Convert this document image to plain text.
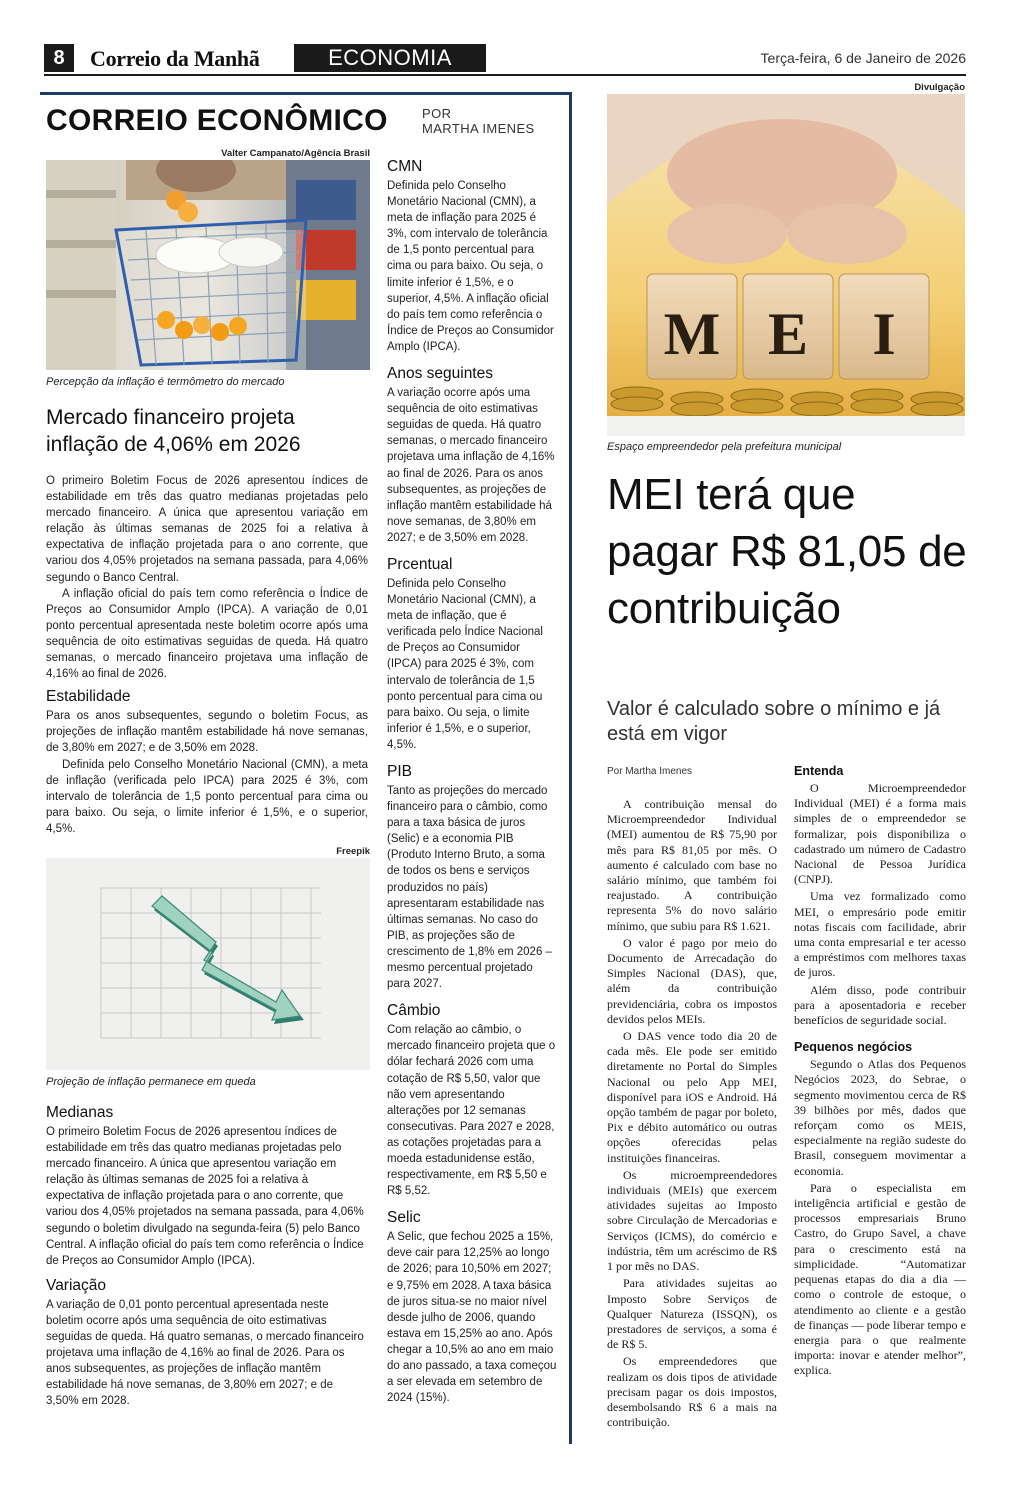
8	Correio da Manhã	ECONOMIA	Terça-feira, 6 de Janeiro de 2026
CORREIO ECONÔMICO	POR
MARTHA IMENES
Valter Campanato/Agência Brasil
Percepção da inflação é termômetro do mercado
Mercado financeiro projeta inflação de 4,06% em 2026

O primeiro Boletim Focus de 2026 apresentou índices de estabilidade em três das quatro medianas projetadas pelo mercado financeiro. A única que apresentou variação em relação às últimas semanas de 2025 foi a relativa à expectativa de inflação projetada para o ano corrente, que variou dos 4,05% projetados na semana passada, para 4,06% segundo o Banco Central.

A inflação oficial do país tem como referência o Índice de Preços ao Consumidor Amplo (IPCA). A variação de 0,01 ponto percentual apresentada neste boletim ocorre após uma sequência de oito estimativas seguidas de queda. Há quatro semanas, o mercado financeiro projetava uma inflação de 4,16% ao final de 2026.

Estabilidade

Para os anos subsequentes, segundo o boletim Focus, as projeções de inflação mantêm estabilidade há nove semanas, de 3,80% em 2027; e de 3,50% em 2028.

Definida pelo Conselho Monetário Nacional (CMN), a meta de inflação (verificada pelo IPCA) para 2025 é 3%, com intervalo de tolerância de 1,5 ponto percentual para cima ou para baixo. Ou seja, o limite inferior é 1,5%, e o superior, 4,5%.

Freepik
Projeção de inflação permanece em queda
Medianas

O primeiro Boletim Focus de 2026 apresentou índices de estabilidade em três das quatro medianas projetadas pelo mercado financeiro. A única que apresentou variação em relação às últimas semanas de 2025 foi a relativa à expectativa de inflação projetada para o ano corrente, que variou dos 4,05% projetados na semana passada, para 4,06% segundo o boletim divulgado na segunda-feira (5) pelo Banco Central. A inflação oficial do país tem como referência o Índice de Preços ao Consumidor Amplo (IPCA).

Variação

A variação de 0,01 ponto percentual apresentada neste boletim ocorre após uma sequência de oito estimativas seguidas de queda. Há quatro semanas, o mercado financeiro projetava uma inflação de 4,16% ao final de 2026. Para os anos subsequentes, as projeções de inflação mantêm estabilidade há nove semanas, de 3,80% em 2027; e de 3,50% em 2028.

CMN
Definida pelo Conselho Monetário Nacional (CMN), a meta de inflação para 2025 é 3%, com intervalo de tolerância de 1,5 ponto percentual para cima ou para baixo. Ou seja, o limite inferior é 1,5%, e o superior, 4,5%. A inflação oficial do país tem como referência o Índice de Preços ao Consumidor Amplo (IPCA).
Anos seguintes
A variação ocorre após uma sequência de oito estimativas seguidas de queda. Há quatro semanas, o mercado financeiro projetava uma inflação de 4,16% ao final de 2026. Para os anos subsequentes, as projeções de inflação mantêm estabilidade há nove semanas, de 3,80% em 2027; e de 3,50% em 2028.
Prcentual
Definida pelo Conselho Monetário Nacional (CMN), a meta de inflação, que é verificada pelo Índice Nacional de Preços ao Consumidor (IPCA) para 2025 é 3%, com intervalo de tolerância de 1,5 ponto percentual para cima ou para baixo. Ou seja, o limite inferior é 1,5%, e o superior, 4,5%.
PIB
Tanto as projeções do mercado financeiro para o câmbio, como para a taxa básica de juros (Selic) e a economia PIB (Produto Interno Bruto, a soma de todos os bens e serviços produzidos no país) apresentaram estabilidade nas últimas semanas. No caso do PIB, as projeções são de crescimento de 1,8% em 2026 – mesmo percentual projetado para 2027.
Câmbio
Com relação ao câmbio, o mercado financeiro projeta que o dólar fechará 2026 com uma cotação de R$ 5,50, valor que não vem apresentando alterações por 12 semanas consecutivas. Para 2027 e 2028, as cotações projetadas para a moeda estadunidense estão, respectivamente, em R$ 5,50 e R$ 5,52.
Selic
A Selic, que fechou 2025 a 15%, deve cair para 12,25% ao longo de 2026; para 10,50% em 2027; e 9,75% em 2028. A taxa básica de juros situa-se no maior nível desde julho de 2006, quando estava em 15,25% ao ano. Após chegar a 10,5% ao ano em maio do ano passado, a taxa começou a ser elevada em setembro de 2024 (15%).
Divulgação
M E I
Espaço empreendedor pela prefeitura municipal
MEI terá que pagar R$ 81,05 de contribuição
Valor é calculado sobre o mínimo e já está em vigor
Por Martha Imenes

A contribuição mensal do Microempreendedor Individual (MEI) aumentou de R$ 75,90 por mês para R$ 81,05 por mês. O aumento é calculado com base no salário mínimo, que também foi reajustado. A contribuição representa 5% do novo salário mínimo, que subiu para R$ 1.621.

O valor é pago por meio do Documento de Arrecadação do Simples Nacional (DAS), que, além da contribuição previdenciária, cobra os impostos devidos pelos MEIs.

O DAS vence todo dia 20 de cada mês. Ele pode ser emitido diretamente no Portal do Simples Nacional ou pelo App MEI, disponível para iOS e Android. Há opção também de pagar por boleto, Pix e débito automático ou outras opções oferecidas pelas instituições financeiras.

Os microempreendedores individuais (MEIs) que exercem atividades sujeitas ao Imposto sobre Circulação de Mercadorias e Serviços (ICMS), do comércio e indústria, têm um acréscimo de R$ 1 por mês no DAS.

Para atividades sujeitas ao Imposto Sobre Serviços de Qualquer Natureza (ISSQN), os prestadores de serviços, a soma é de R$ 5.

Os empreendedores que realizam os dois tipos de atividade precisam pagar os dois impostos, desembolsando R$ 6 a mais na contribuição.

Entenda

O Microempreendedor Individual (MEI) é a forma mais simples de o empreendedor se formalizar, pois disponibiliza o cadastrado um número de Cadastro Nacional de Pessoa Jurídica (CNPJ).

Uma vez formalizado como MEI, o empresário pode emitir notas fiscais com facilidade, abrir uma conta empresarial e ter acesso a empréstimos com melhores taxas de juros.

Além disso, pode contribuir para a aposentadoria e receber benefícios de seguridade social.

Pequenos negócios

Segundo o Atlas dos Pequenos Negócios 2023, do Sebrae, o segmento movimentou cerca de R$ 39 bilhões por mês, dados que reforçam como os MEIS, especialmente na região sudeste do Brasil, conseguem movimentar a economia.

Para o especialista em inteligência artificial e gestão de processos empresariais Bruno Castro, do Grupo Savel, a chave para o crescimento está na simplicidade. “Automatizar pequenas etapas do dia a dia — como o controle de estoque, o atendimento ao cliente e a gestão de finanças — pode liberar tempo e energia para o que realmente importa: inovar e atender melhor”, explica.
